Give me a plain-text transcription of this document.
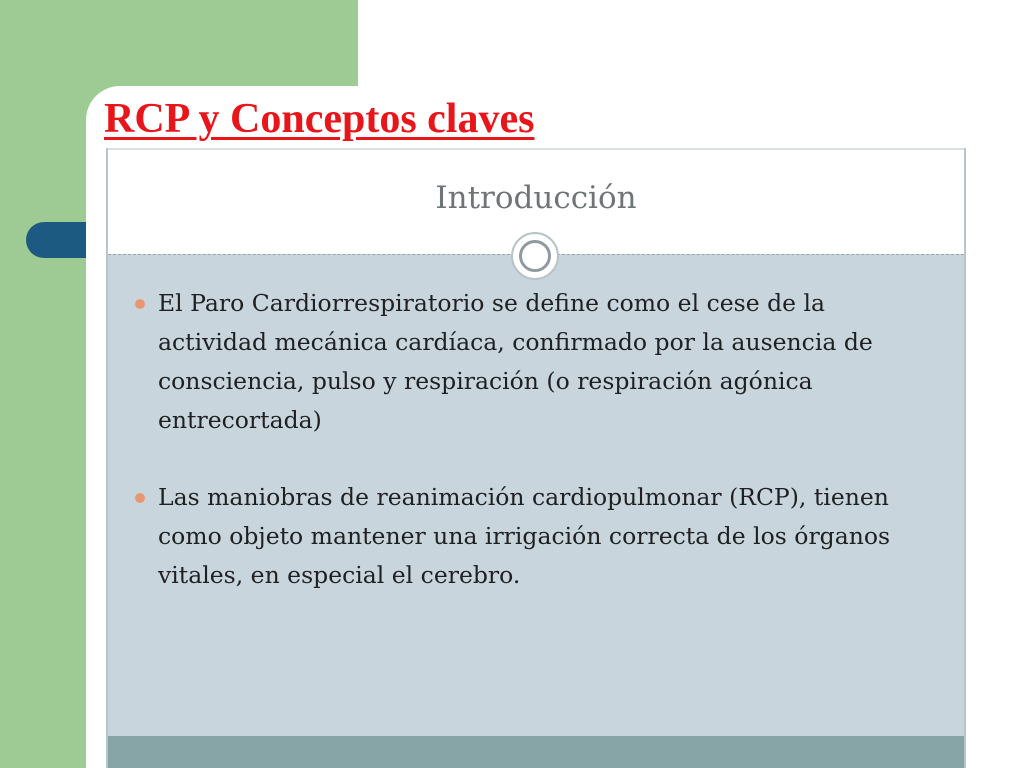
RCP y Conceptos claves
Introducción
El Paro Cardiorrespiratorio se define como el cese de la actividad mecánica cardíaca, confirmado por la ausencia de consciencia, pulso y respiración (o respiración agónica entrecortada)
Las maniobras de reanimación cardiopulmonar (RCP), tienen como objeto mantener una irrigación correcta de los órganos vitales, en especial el cerebro.
